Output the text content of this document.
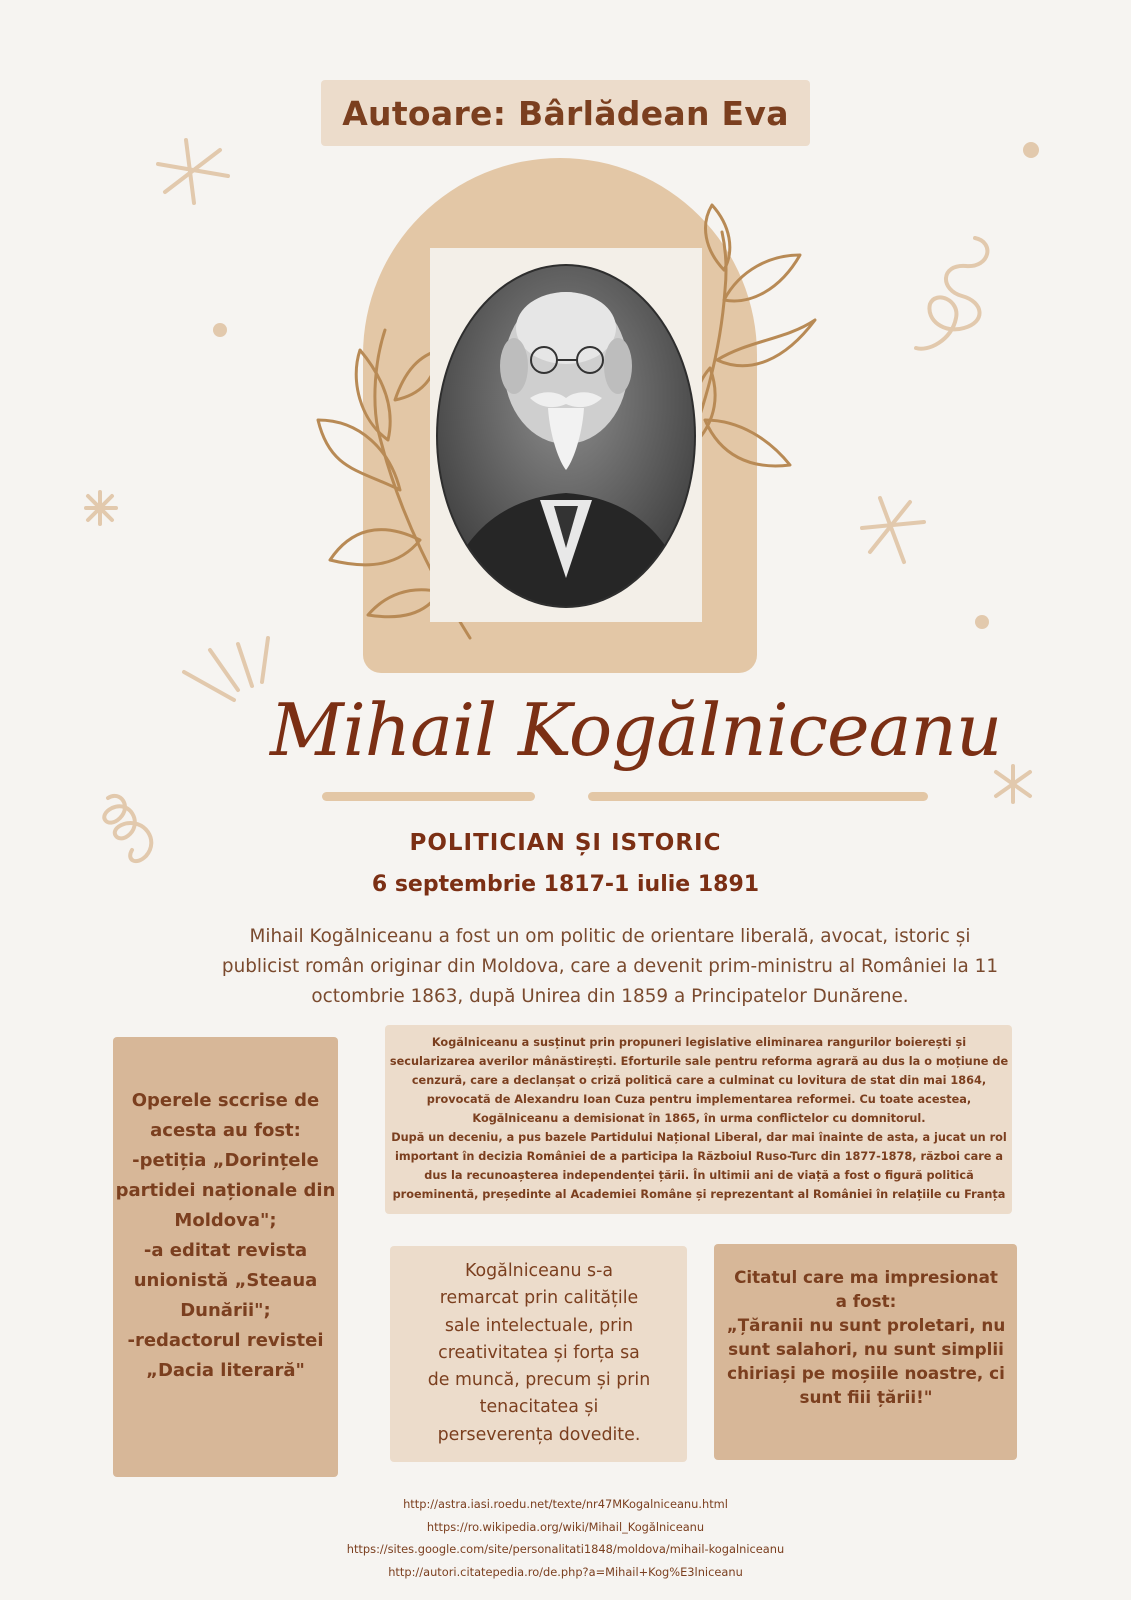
Autoare: Bârlădean Eva
Mihail Kogălniceanu
POLITICIAN ȘI ISTORIC
6 septembrie 1817-1 iulie 1891
Mihail Kogălniceanu a fost un om politic de orientare liberală, avocat, istoric și publicist român originar din Moldova, care a devenit prim-ministru al României la 11 octombrie 1863, după Unirea din 1859 a Principatelor Dunărene.
Operele sccrise de
acesta au fost:
-petiția „Dorințele
partidei naționale din
Moldova";
-a editat revista
unionistă „Steaua
Dunării";
-redactorul revistei
„Dacia literară"
Kogălniceanu a susținut prin propuneri legislative eliminarea rangurilor boierești și secularizarea averilor mânăstirești. Eforturile sale pentru reforma agrară au dus la o moțiune de cenzură, care a declanșat o criză politică care a culminat cu lovitura de stat din mai 1864, provocată de Alexandru Ioan Cuza pentru implementarea reformei. Cu toate acestea, Kogălniceanu a demisionat în 1865, în urma conflictelor cu domnitorul.
După un deceniu, a pus bazele Partidului Național Liberal, dar mai înainte de asta, a jucat un rol important în decizia României de a participa la Războiul Ruso-Turc din 1877-1878, război care a dus la recunoașterea independenței țării. În ultimii ani de viață a fost o figură politică proeminentă, președinte al Academiei Române și reprezentant al României în relațiile cu Franța
Kogălniceanu s-a
remarcat prin calitățile
sale intelectuale, prin
creativitatea și forța sa
de muncă, precum și prin
tenacitatea și
perseverența dovedite.
Citatul care ma impresionat
a fost:
„Țăranii nu sunt proletari, nu
sunt salahori, nu sunt simplii
chiriași pe moșiile noastre, ci
sunt fiii țării!"
http://astra.iasi.roedu.net/texte/nr47MKogalniceanu.html
https://ro.wikipedia.org/wiki/Mihail_Kogălniceanu
https://sites.google.com/site/personalitati1848/moldova/mihail-kogalniceanu
http://autori.citatepedia.ro/de.php?a=Mihail+Kog%E3lniceanu
